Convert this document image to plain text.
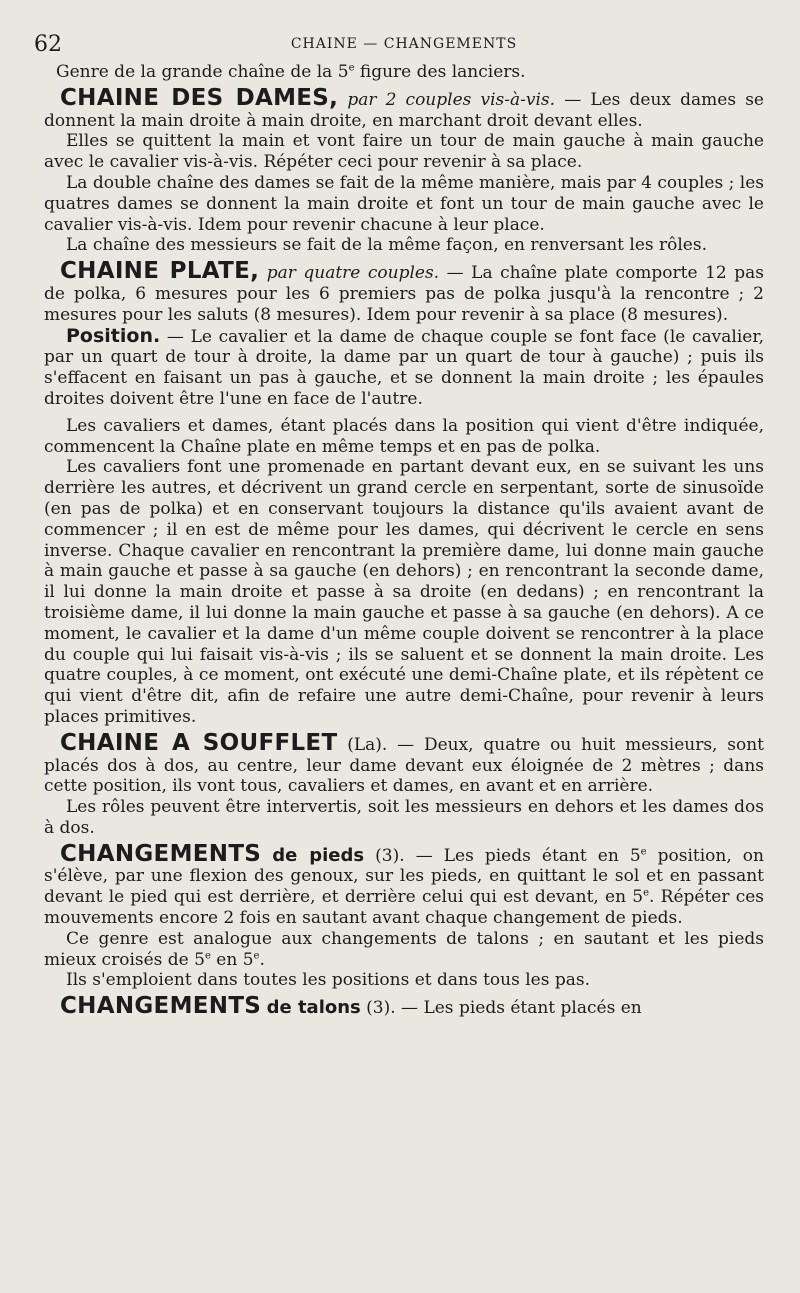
62	CHAINE — CHANGEMENTS

Genre de la grande chaîne de la 5e figure des lanciers.

CHAINE DES DAMES, par 2 couples vis-à-vis. — Les deux dames se donnent la main droite à main droite, en marchant droit devant elles.

Elles se quittent la main et vont faire un tour de main gauche à main gauche avec le cavalier vis-à-vis. Répéter ceci pour revenir à sa place.

La double chaîne des dames se fait de la même manière, mais par 4 couples ; les quatres dames se donnent la main droite et font un tour de main gauche avec le cavalier vis-à-vis. Idem pour revenir chacune à leur place.

La chaîne des messieurs se fait de la même façon, en renversant les rôles.

CHAINE PLATE, par quatre couples. — La chaîne plate comporte 12 pas de polka, 6 mesures pour les 6 premiers pas de polka jusqu'à la rencontre ; 2 mesures pour les saluts (8 mesures). Idem pour revenir à sa place (8 mesures).

Position. — Le cavalier et la dame de chaque couple se font face (le cavalier, par un quart de tour à droite, la dame par un quart de tour à gauche) ; puis ils s'effacent en faisant un pas à gauche, et se donnent la main droite ; les épaules droites doivent être l'une en face de l'autre.

Les cavaliers et dames, étant placés dans la position qui vient d'être indiquée, commencent la Chaîne plate en même temps et en pas de polka.

Les cavaliers font une promenade en partant devant eux, en se suivant les uns derrière les autres, et décrivent un grand cercle en serpentant, sorte de sinusoïde (en pas de polka) et en conservant toujours la distance qu'ils avaient avant de commencer ; il en est de même pour les dames, qui décrivent le cercle en sens inverse. Chaque cavalier en rencontrant la première dame, lui donne main gauche à main gauche et passe à sa gauche (en dehors) ; en rencontrant la seconde dame, il lui donne la main droite et passe à sa droite (en dedans) ; en rencontrant la troisième dame, il lui donne la main gauche et passe à sa gauche (en dehors). A ce moment, le cavalier et la dame d'un même couple doivent se rencontrer à la place du couple qui lui faisait vis-à-vis ; ils se saluent et se donnent la main droite. Les quatre couples, à ce moment, ont exécuté une demi-Chaîne plate, et ils répètent ce qui vient d'être dit, afin de refaire une autre demi-Chaîne, pour revenir à leurs places primitives.

CHAINE A SOUFFLET (La). — Deux, quatre ou huit messieurs, sont placés dos à dos, au centre, leur dame devant eux éloignée de 2 mètres ; dans cette position, ils vont tous, cavaliers et dames, en avant et en arrière.

Les rôles peuvent être intervertis, soit les messieurs en dehors et les dames dos à dos.

CHANGEMENTS de pieds (3). — Les pieds étant en 5e position, on s'élève, par une flexion des genoux, sur les pieds, en quittant le sol et en passant devant le pied qui est derrière, et derrière celui qui est devant, en 5e. Répéter ces mouvements encore 2 fois en sautant avant chaque changement de pieds.

Ce genre est analogue aux changements de talons ; en sautant et les pieds mieux croisés de 5e en 5e.

Ils s'emploient dans toutes les positions et dans tous les pas.

CHANGEMENTS de talons (3). — Les pieds étant placés en
